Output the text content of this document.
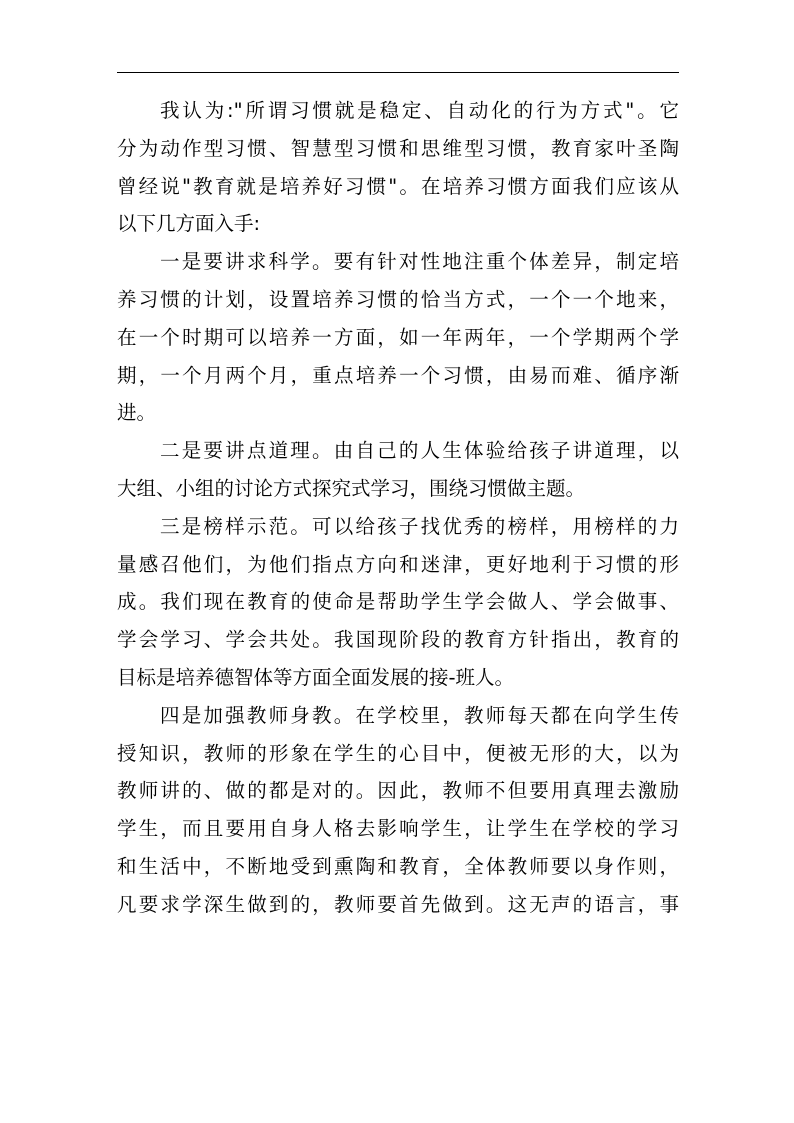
我认为:"所谓习惯就是稳定、自动化的行为方式"。它
分为动作型习惯、智慧型习惯和思维型习惯，教育家叶圣陶
曾经说"教育就是培养好习惯"。在培养习惯方面我们应该从
以下几方面入手:
一是要讲求科学。要有针对性地注重个体差异，制定培
养习惯的计划，设置培养习惯的恰当方式，一个一个地来，
在一个时期可以培养一方面，如一年两年，一个学期两个学
期，一个月两个月，重点培养一个习惯，由易而难、循序渐
进。
二是要讲点道理。由自己的人生体验给孩子讲道理，以
大组、小组的讨论方式探究式学习，围绕习惯做主题。
三是榜样示范。可以给孩子找优秀的榜样，用榜样的力
量感召他们，为他们指点方向和迷津，更好地利于习惯的形
成。我们现在教育的使命是帮助学生学会做人、学会做事、
学会学习、学会共处。我国现阶段的教育方针指出，教育的
目标是培养德智体等方面全面发展的接-班人。
四是加强教师身教。在学校里，教师每天都在向学生传
授知识，教师的形象在学生的心目中，便被无形的大，以为
教师讲的、做的都是对的。因此，教师不但要用真理去激励
学生，而且要用自身人格去影响学生，让学生在学校的学习
和生活中，不断地受到熏陶和教育，全体教师要以身作则，
凡要求学深生做到的，教师要首先做到。这无声的语言，事
